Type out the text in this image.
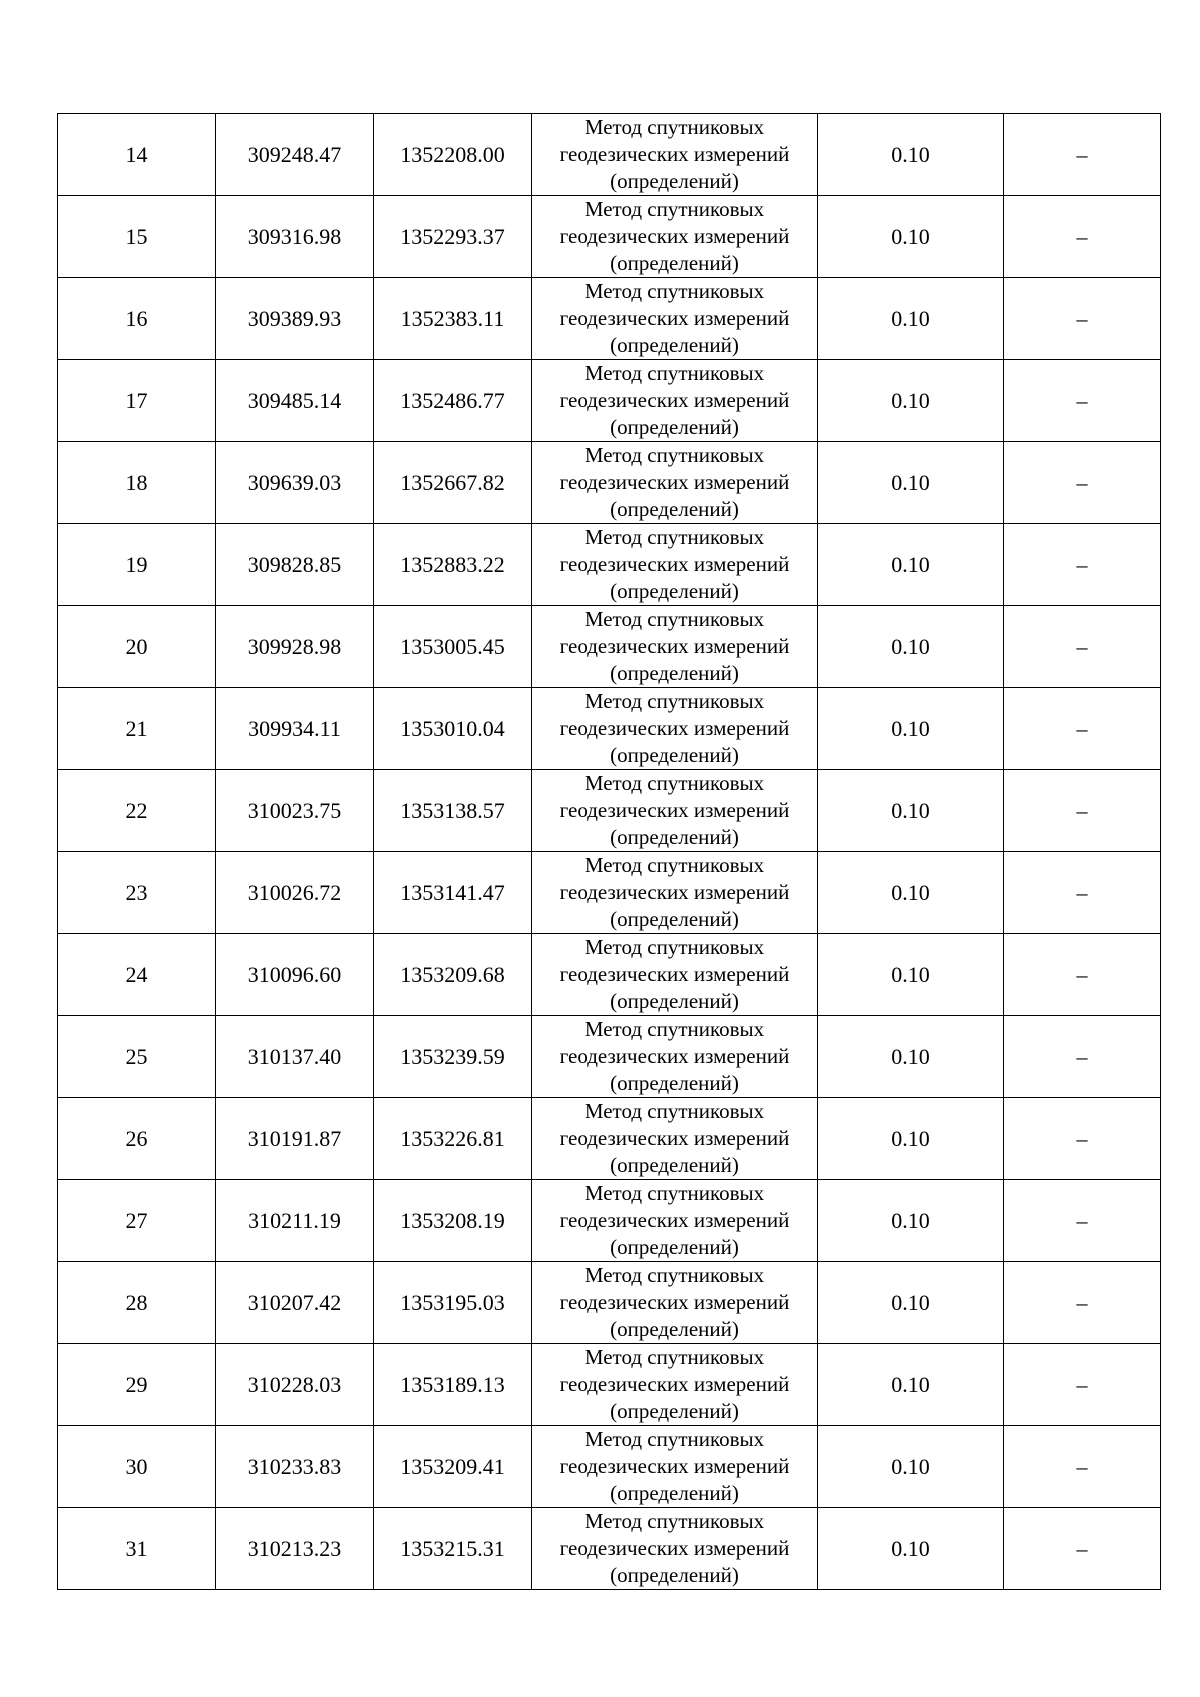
14	309248.47	1352208.00	Метод спутниковых
геодезических измерений
(определений)	0.10	–
15	309316.98	1352293.37	Метод спутниковых
геодезических измерений
(определений)	0.10	–
16	309389.93	1352383.11	Метод спутниковых
геодезических измерений
(определений)	0.10	–
17	309485.14	1352486.77	Метод спутниковых
геодезических измерений
(определений)	0.10	–
18	309639.03	1352667.82	Метод спутниковых
геодезических измерений
(определений)	0.10	–
19	309828.85	1352883.22	Метод спутниковых
геодезических измерений
(определений)	0.10	–
20	309928.98	1353005.45	Метод спутниковых
геодезических измерений
(определений)	0.10	–
21	309934.11	1353010.04	Метод спутниковых
геодезических измерений
(определений)	0.10	–
22	310023.75	1353138.57	Метод спутниковых
геодезических измерений
(определений)	0.10	–
23	310026.72	1353141.47	Метод спутниковых
геодезических измерений
(определений)	0.10	–
24	310096.60	1353209.68	Метод спутниковых
геодезических измерений
(определений)	0.10	–
25	310137.40	1353239.59	Метод спутниковых
геодезических измерений
(определений)	0.10	–
26	310191.87	1353226.81	Метод спутниковых
геодезических измерений
(определений)	0.10	–
27	310211.19	1353208.19	Метод спутниковых
геодезических измерений
(определений)	0.10	–
28	310207.42	1353195.03	Метод спутниковых
геодезических измерений
(определений)	0.10	–
29	310228.03	1353189.13	Метод спутниковых
геодезических измерений
(определений)	0.10	–
30	310233.83	1353209.41	Метод спутниковых
геодезических измерений
(определений)	0.10	–
31	310213.23	1353215.31	Метод спутниковых
геодезических измерений
(определений)	0.10	–
